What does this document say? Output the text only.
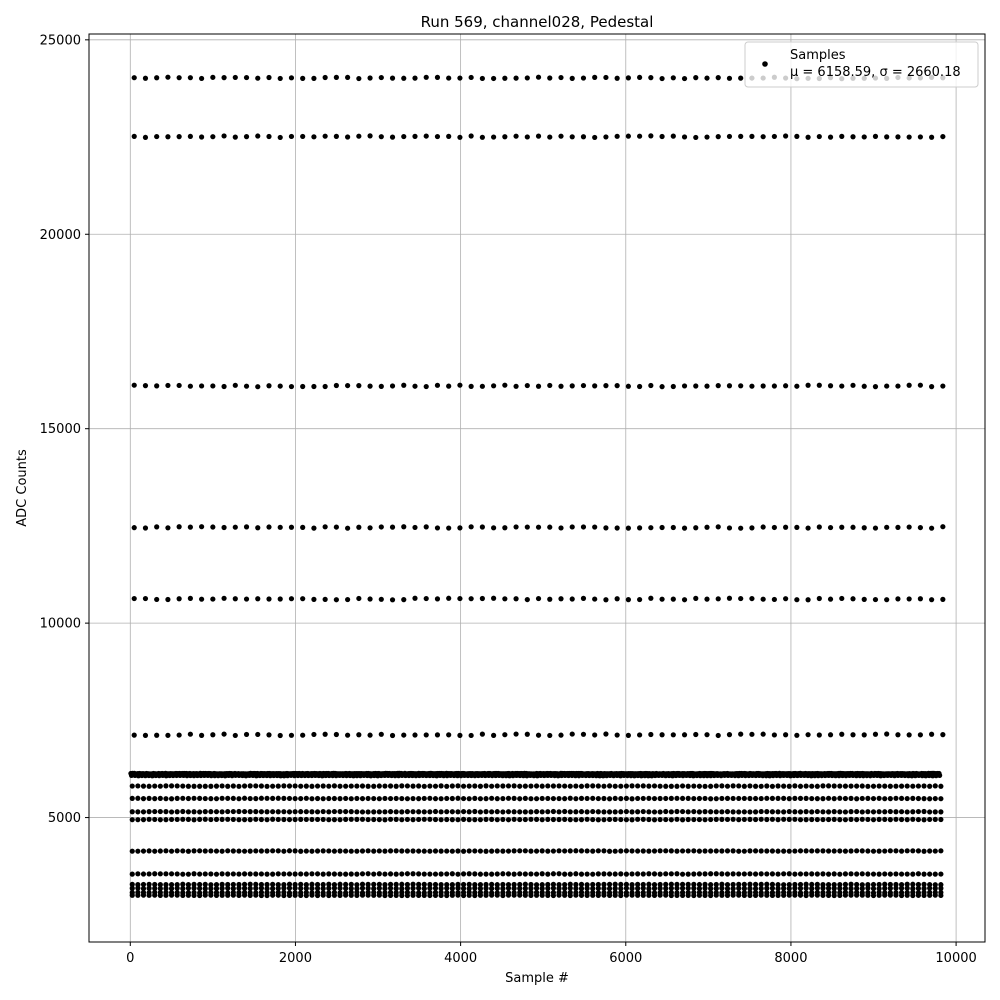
0	2000	4000	6000	8000	10000
5000
10000
15000
20000
25000
Run 569, channel028, Pedestal
Sample #
ADC Counts
Samples
μ = 6158.59, σ = 2660.18
